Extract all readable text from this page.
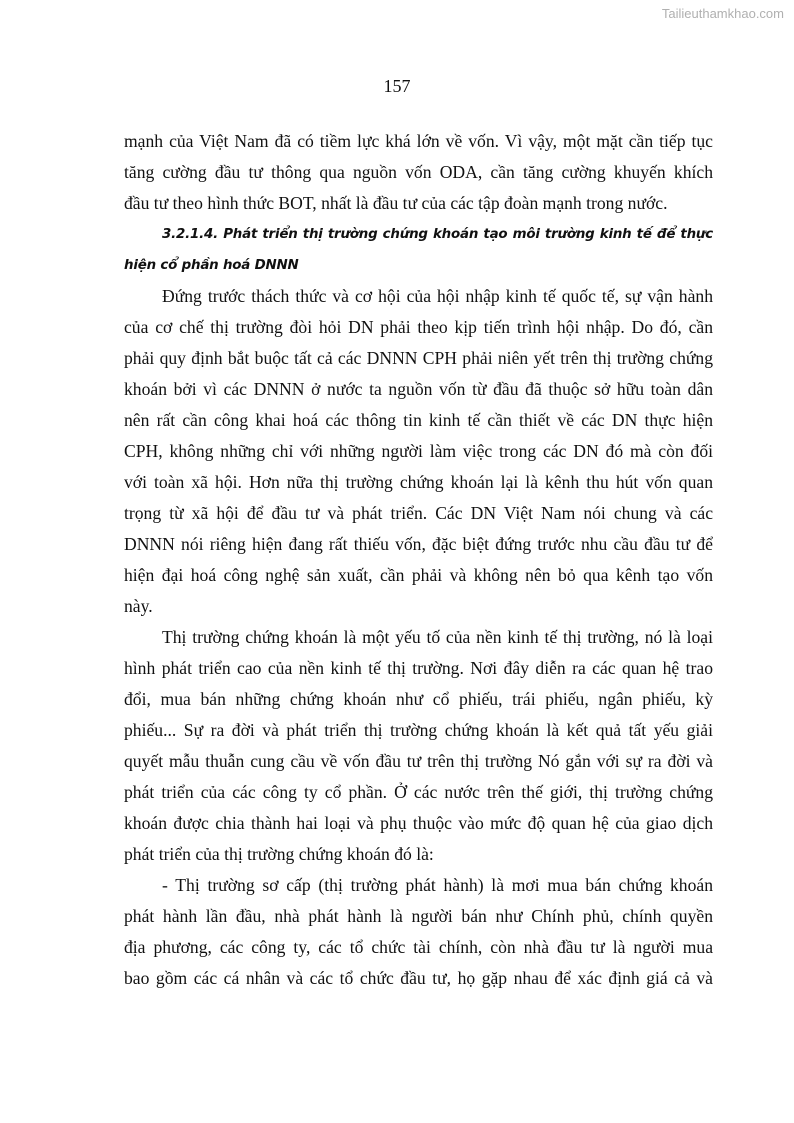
Tailieuthamkhao.com
157
mạnh của Việt Nam đã có tiềm lực khá lớn về vốn. Vì vậy, một mặt cần tiếp tục
tăng cường đầu tư thông qua nguồn vốn ODA, cần tăng cường khuyến khích
đầu tư theo hình thức BOT, nhất là đầu tư của các tập đoàn mạnh trong nước.
3.2.1.4. Phát triển thị trường chứng khoán tạo môi trường kinh tế để thực
hiện cổ phần hoá DNNN
Đứng trước thách thức và cơ hội của hội nhập kinh tế quốc tế, sự vận hành
của cơ chế thị trường đòi hỏi DN phải theo kịp tiến trình hội nhập. Do đó, cần
phải quy định bắt buộc tất cả các DNNN CPH phải niên yết trên thị trường chứng
khoán bởi vì các DNNN ở nước ta nguồn vốn từ đầu đã thuộc sở hữu toàn dân
nên rất cần công khai hoá các thông tin kinh tế cần thiết về các DN thực hiện
CPH, không những chỉ với những người làm việc trong các DN đó mà còn đối
với toàn xã hội. Hơn nữa thị trường chứng khoán lại là kênh thu hút vốn quan
trọng từ xã hội để đầu tư và phát triển. Các DN Việt Nam nói chung và các
DNNN nói riêng hiện đang rất thiếu vốn, đặc biệt đứng trước nhu cầu đầu tư để
hiện đại hoá công nghệ sản xuất, cần phải và không nên bỏ qua kênh tạo vốn
này.
Thị trường chứng khoán là một yếu tố của nền kinh tế thị trường, nó là loại
hình phát triển cao của nền kinh tế thị trường. Nơi đây diễn ra các quan hệ trao
đổi, mua bán những chứng khoán như cổ phiếu, trái phiếu, ngân phiếu, kỳ
phiếu... Sự ra đời và phát triển thị trường chứng khoán là kết quả tất yếu giải
quyết mẫu thuẫn cung cầu về vốn đầu tư trên thị trường Nó gắn với sự ra đời và
phát triển của các công ty cổ phần. Ở các nước trên thế giới, thị trường chứng
khoán được chia thành hai loại và phụ thuộc vào mức độ quan hệ của giao dịch
phát triển của thị trường chứng khoán đó là:
- Thị trường sơ cấp (thị trường phát hành) là mơi mua bán chứng khoán
phát hành lần đầu, nhà phát hành là người bán như Chính phủ, chính quyền
địa phương, các công ty, các tổ chức tài chính, còn nhà đầu tư là người mua
bao gồm các cá nhân và các tổ chức đầu tư, họ gặp nhau để xác định giá cả và
